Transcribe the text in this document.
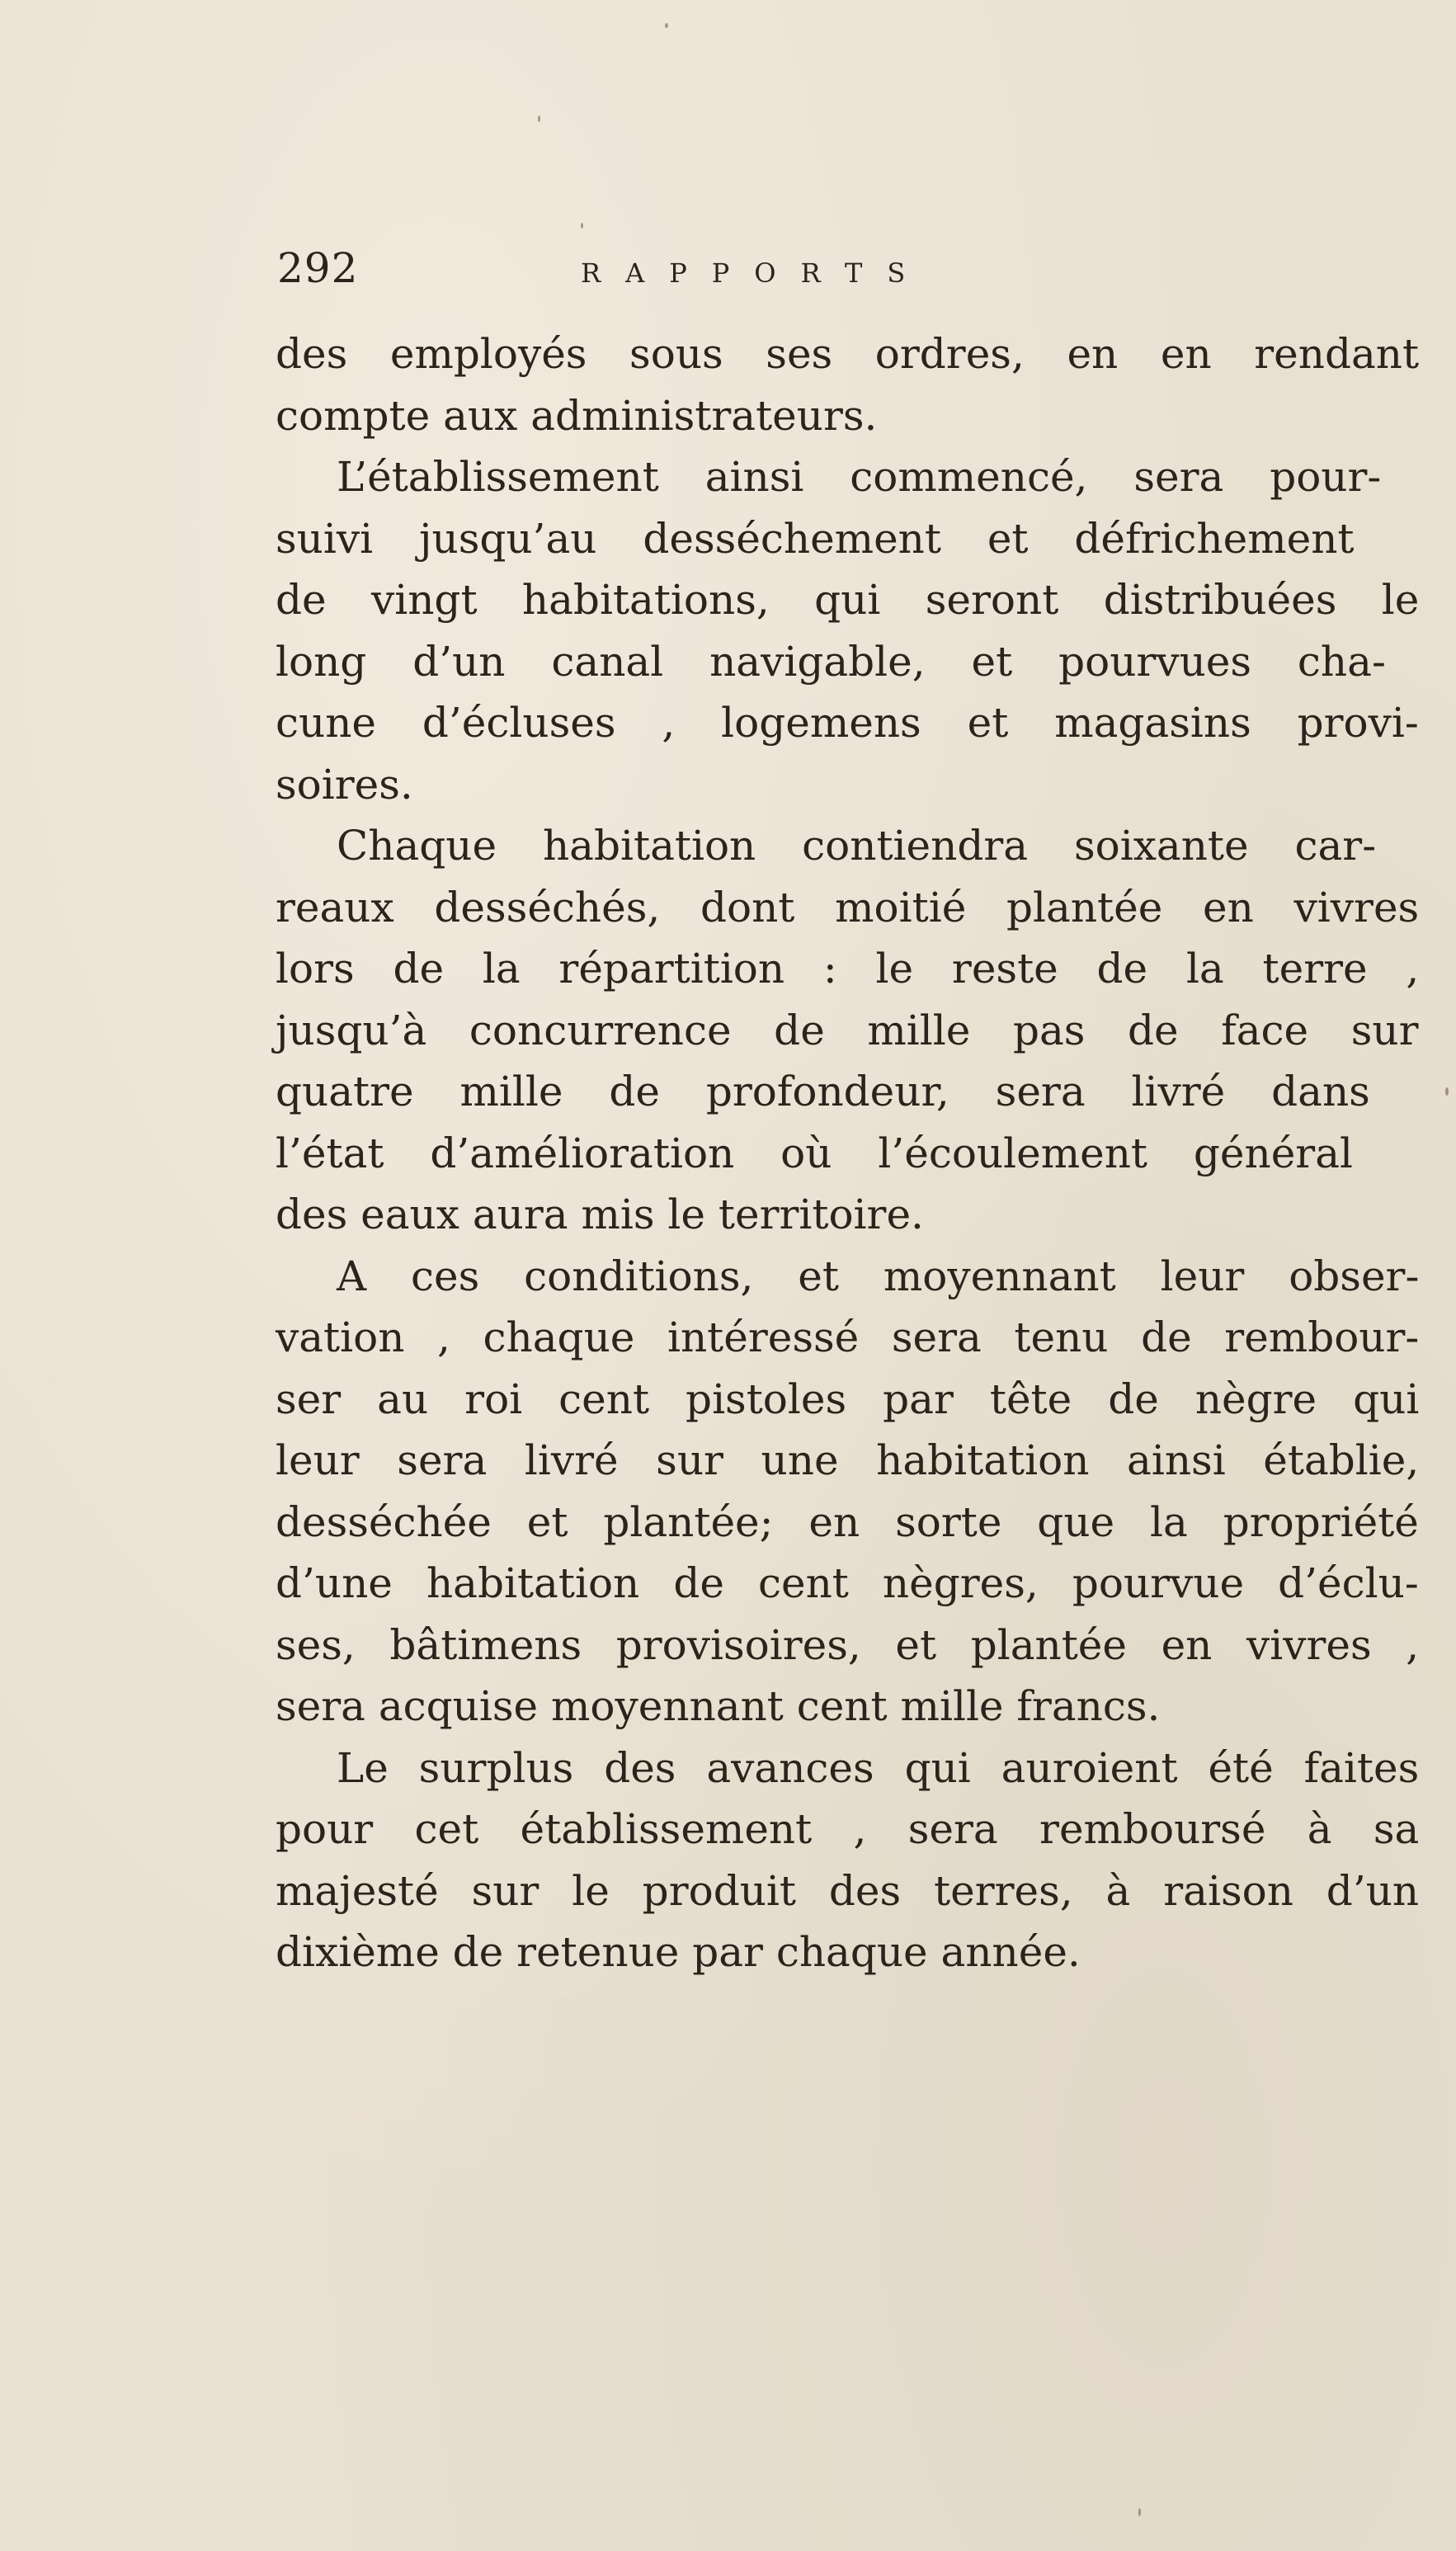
292	RAPPORTS
des employés sous ses ordres, en en rendant
compte aux administrateurs.
L’établissement ainsi commencé, sera pour-
suivi jusqu’au desséchement et défrichement
de vingt habitations, qui seront distribuées le
long d’un canal navigable, et pourvues cha-
cune d’écluses , logemens et magasins provi-
soires.
Chaque habitation contiendra soixante car-
reaux desséchés, dont moitié plantée en vivres
lors de la répartition : le reste de la terre ,
jusqu’à concurrence de mille pas de face sur
quatre mille de profondeur, sera livré dans
l’état d’amélioration où l’écoulement général
des eaux aura mis le territoire.
A ces conditions, et moyennant leur obser-
vation , chaque intéressé sera tenu de rembour-
ser au roi cent pistoles par tête de nègre qui
leur sera livré sur une habitation ainsi établie,
desséchée et plantée; en sorte que la propriété
d’une habitation de cent nègres, pourvue d’éclu-
ses, bâtimens provisoires, et plantée en vivres ,
sera acquise moyennant cent mille francs.
Le surplus des avances qui auroient été faites
pour cet établissement , sera remboursé à sa
majesté sur le produit des terres, à raison d’un
dixième de retenue par chaque année.
